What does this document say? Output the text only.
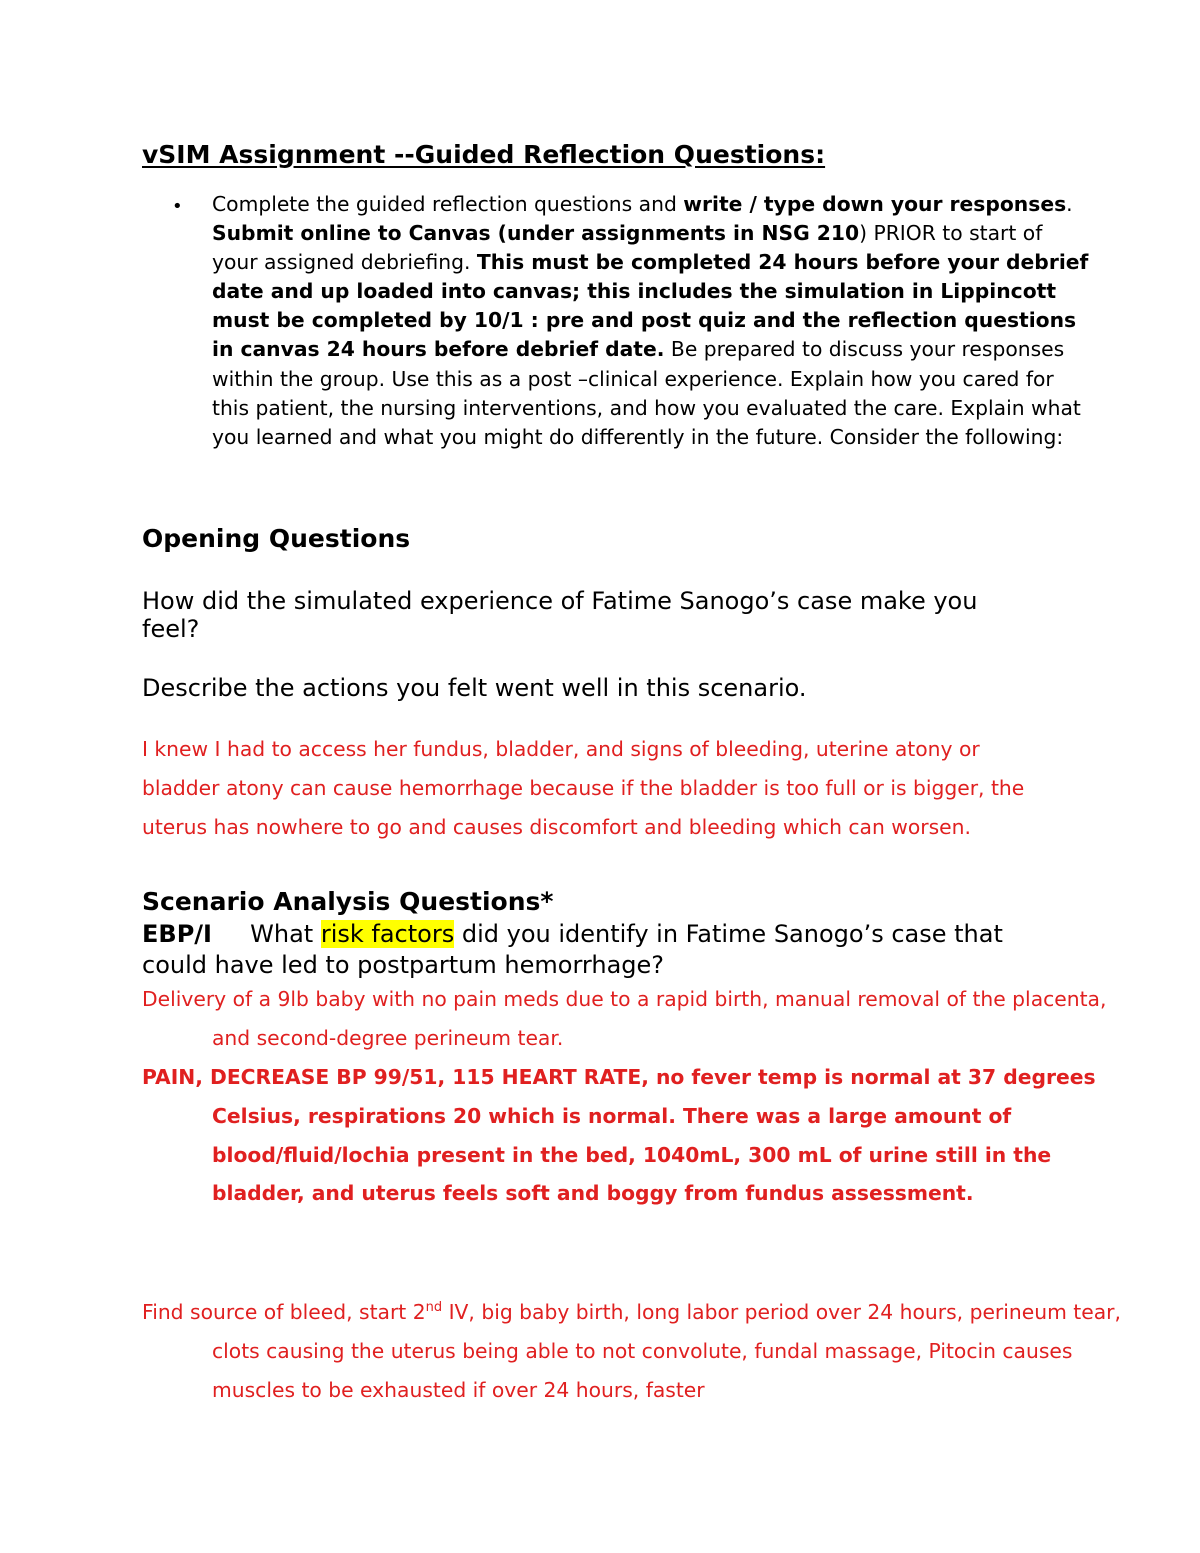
vSIM Assignment --Guided Reflection Questions:
• Complete the guided reflection questions and write / type down your responses. Submit online to Canvas (under assignments in NSG 210) PRIOR to start of your assigned debriefing. This must be completed 24 hours before your debrief date and up loaded into canvas; this includes the simulation in Lippincott must be completed by 10/1 : pre and post quiz and the reflection questions in canvas 24 hours before debrief date. Be prepared to discuss your responses within the group. Use this as a post –clinical experience. Explain how you cared for this patient, the nursing interventions, and how you evaluated the care. Explain what you learned and what you might do differently in the future. Consider the following:
Opening Questions
How did the simulated experience of Fatime Sanogo’s case make you feel?
Describe the actions you felt went well in this scenario.
I knew I had to access her fundus, bladder, and signs of bleeding, uterine atony or bladder atony can cause hemorrhage because if the bladder is too full or is bigger, the uterus has nowhere to go and causes discomfort and bleeding which can worsen.
Scenario Analysis Questions*
EBP/I What risk factors did you identify in Fatime Sanogo’s case that could have led to postpartum hemorrhage?
Delivery of a 9lb baby with no pain meds due to a rapid birth, manual removal of the placenta, and second-degree perineum tear.
PAIN, DECREASE BP 99/51, 115 HEART RATE, no fever temp is normal at 37 degrees Celsius, respirations 20 which is normal. There was a large amount of blood/fluid/lochia present in the bed, 1040mL, 300 mL of urine still in the bladder, and uterus feels soft and boggy from fundus assessment.
Find source of bleed, start 2nd IV, big baby birth, long labor period over 24 hours, perineum tear, clots causing the uterus being able to not convolute, fundal massage, Pitocin causes muscles to be exhausted if over 24 hours, faster
